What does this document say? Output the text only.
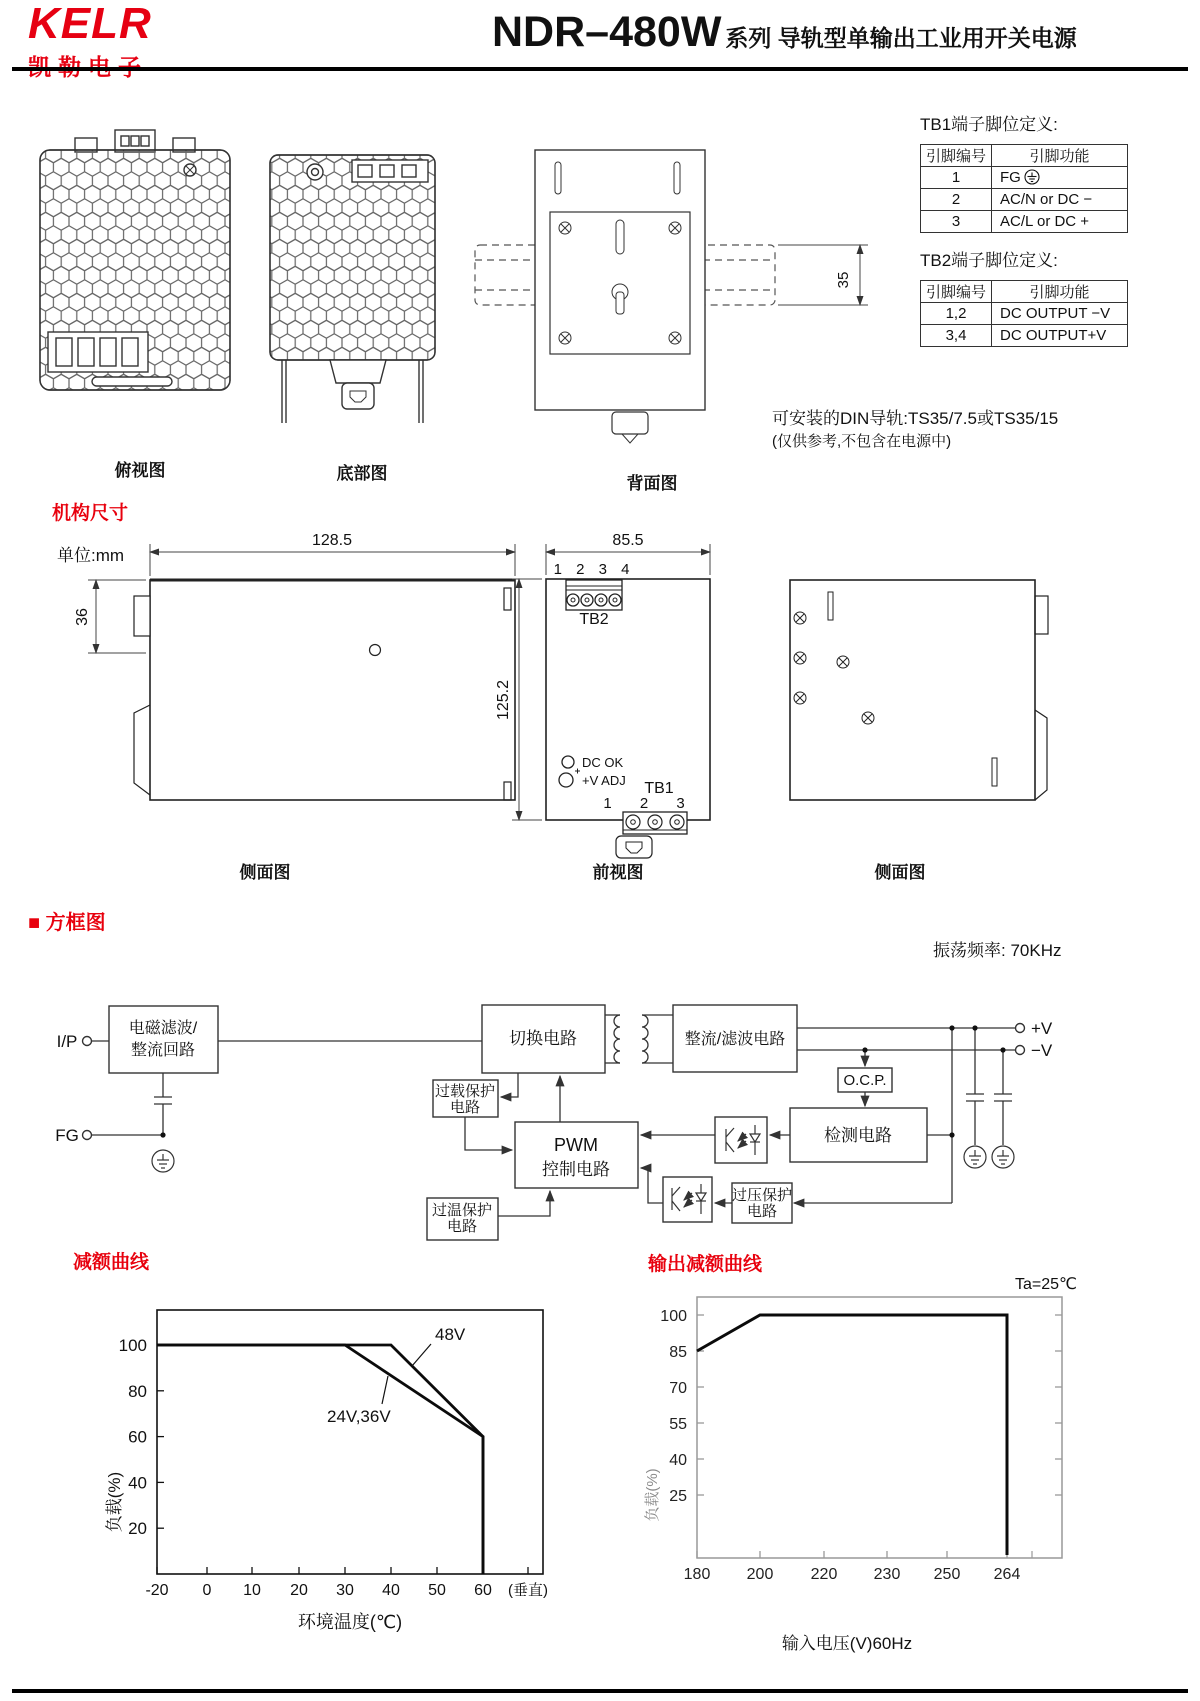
KELR	NDR–480W 系列 导轨型单输出工业用开关电源
俯视图	底部图
背面图
35
TB1端子脚位定义:
引脚编号	引脚功能
1	FG
2	AC/N or DC −
3	AC/L or DC +
TB2端子脚位定义:
引脚编号	引脚功能
1,2	DC OUTPUT −V
3,4	DC OUTPUT+V
可安装的DIN导轨:TS35/7.5或TS35/15
(仅供参考,不包含在电源中)
机构尺寸
单位:mm
128.5
36
85.5
125.2
1 2 3 4
TB2
DC OK
+V ADJ TB1
1 2 3
侧面图	前视图	侧面图
■ 方框图
振荡频率: 70KHz
I/P
FG
电磁滤波/
整流回路
切换电路	整流/滤波电路
O.C.P.
检测电路
过载保护
电路
PWM
控制电路
过压保护
电路
过温保护
电路
+V
−V
减额曲线	输出减额曲线
20
40
60
80
100
-20 0 10 20 30 40 50 60 (垂直)
48V
24V,36V
环境温度(℃)
负载(%)	25
40
55
70
85
100
180 200 220 230 250 264
Ta=25℃
输入电压(V)60Hz
负载(%)
